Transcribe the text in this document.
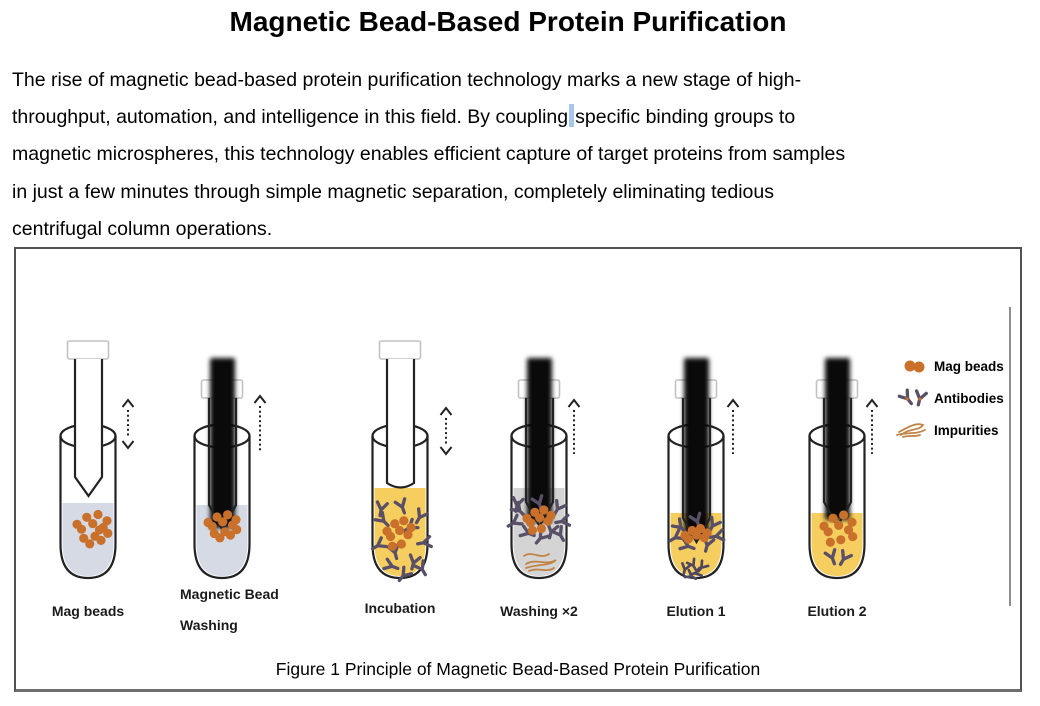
Magnetic Bead-Based Protein Purification
The rise of magnetic bead-based protein purification technology marks a new stage of high-
throughput, automation, and intelligence in this field. By coupling specific binding groups to
magnetic microspheres, this technology enables efficient capture of target proteins from samples
in just a few minutes through simple magnetic separation, completely eliminating tedious
centrifugal column operations.
Figure 1 Principle of Magnetic Bead-Based Protein Purification
Mag beads
Magnetic Bead
Washing
Incubation	Washing ×2	Elution 1	Elution 2
Mag beads
Antibodies
Impurities
